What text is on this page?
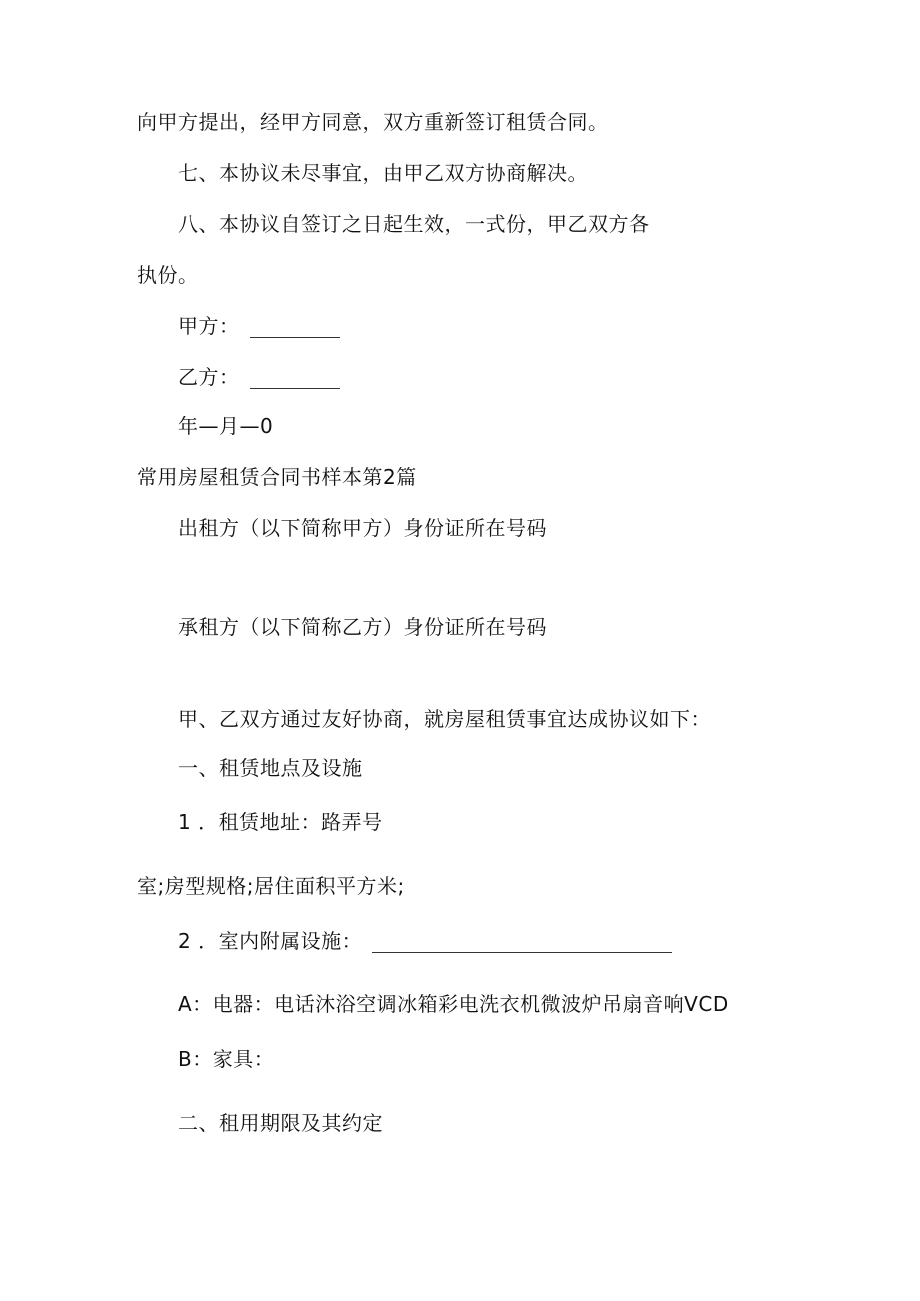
向甲方提出，经甲方同意，双方重新签订租赁合同。
七、本协议未尽事宜，由甲乙双方协商解决。
八、本协议自签订之日起生效，一式份，甲乙双方各
执份。
甲方：
乙方：
年—月—0
常用房屋租赁合同书样本第2篇
出租方（以下简称甲方）身份证所在号码
承租方（以下简称乙方）身份证所在号码
甲、乙双方通过友好协商，就房屋租赁事宜达成协议如下：
一、租赁地点及设施
1 ．租赁地址：路弄号
室;房型规格;居住面积平方米;
2 ．室内附属设施：
A：电器：电话沐浴空调冰箱彩电洗衣机微波炉吊扇音响VCD
B：家具：
二、租用期限及其约定
